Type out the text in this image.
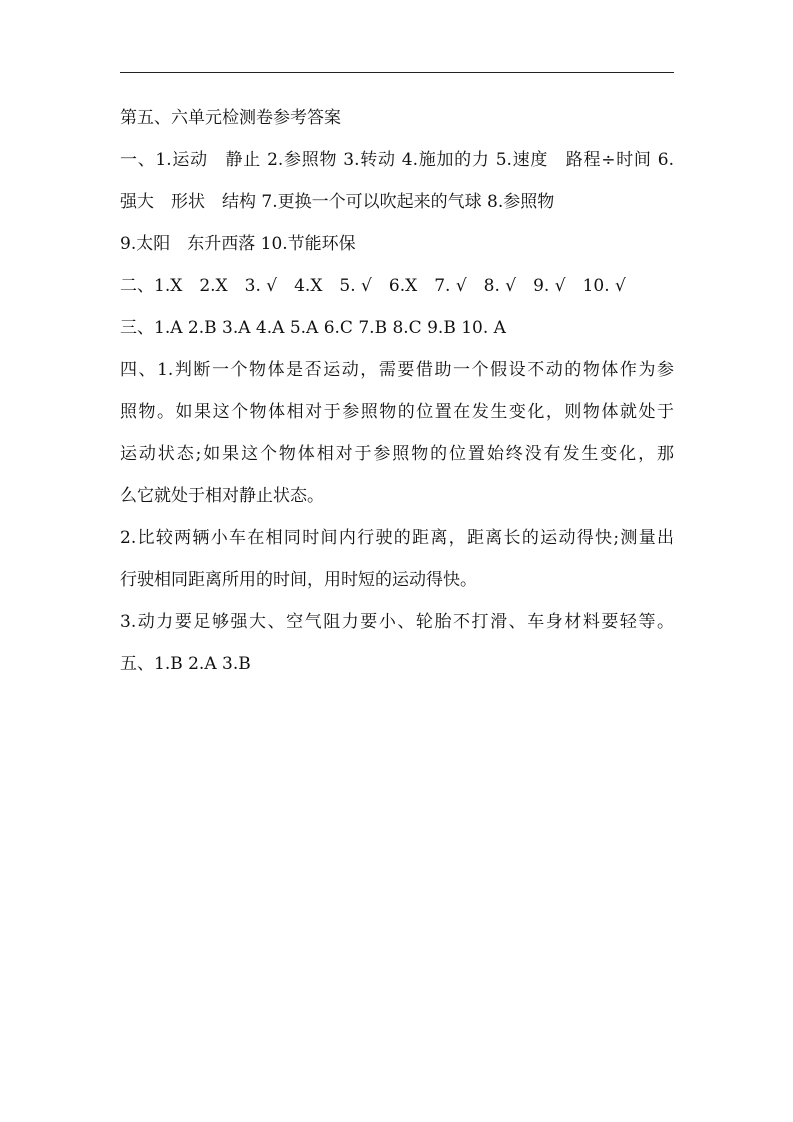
第五、六单元检测卷参考答案
一、1.运动　静止 2.参照物 3.转动 4.施加的力 5.速度　路程÷时间 6.
强大　形状　结构 7.更换一个可以吹起来的气球 8.参照物
9.太阳　东升西落 10.节能环保
二、1.X　2.X　3. √　4.X　5. √　6.X　7. √　8. √　9. √　10. √
三、1.A 2.B 3.A 4.A 5.A 6.C 7.B 8.C 9.B 10. A
四、1.判断一个物体是否运动，需要借助一个假设不动的物体作为参
照物。如果这个物体相对于参照物的位置在发生变化，则物体就处于
运动状态;如果这个物体相对于参照物的位置始终没有发生变化，那
么它就处于相对静止状态。
2.比较两辆小车在相同时间内行驶的距离，距离长的运动得快;测量出
行驶相同距离所用的时间，用时短的运动得快。
3.动力要足够强大、空气阻力要小、轮胎不打滑、车身材料要轻等。
五、1.B 2.A 3.B
